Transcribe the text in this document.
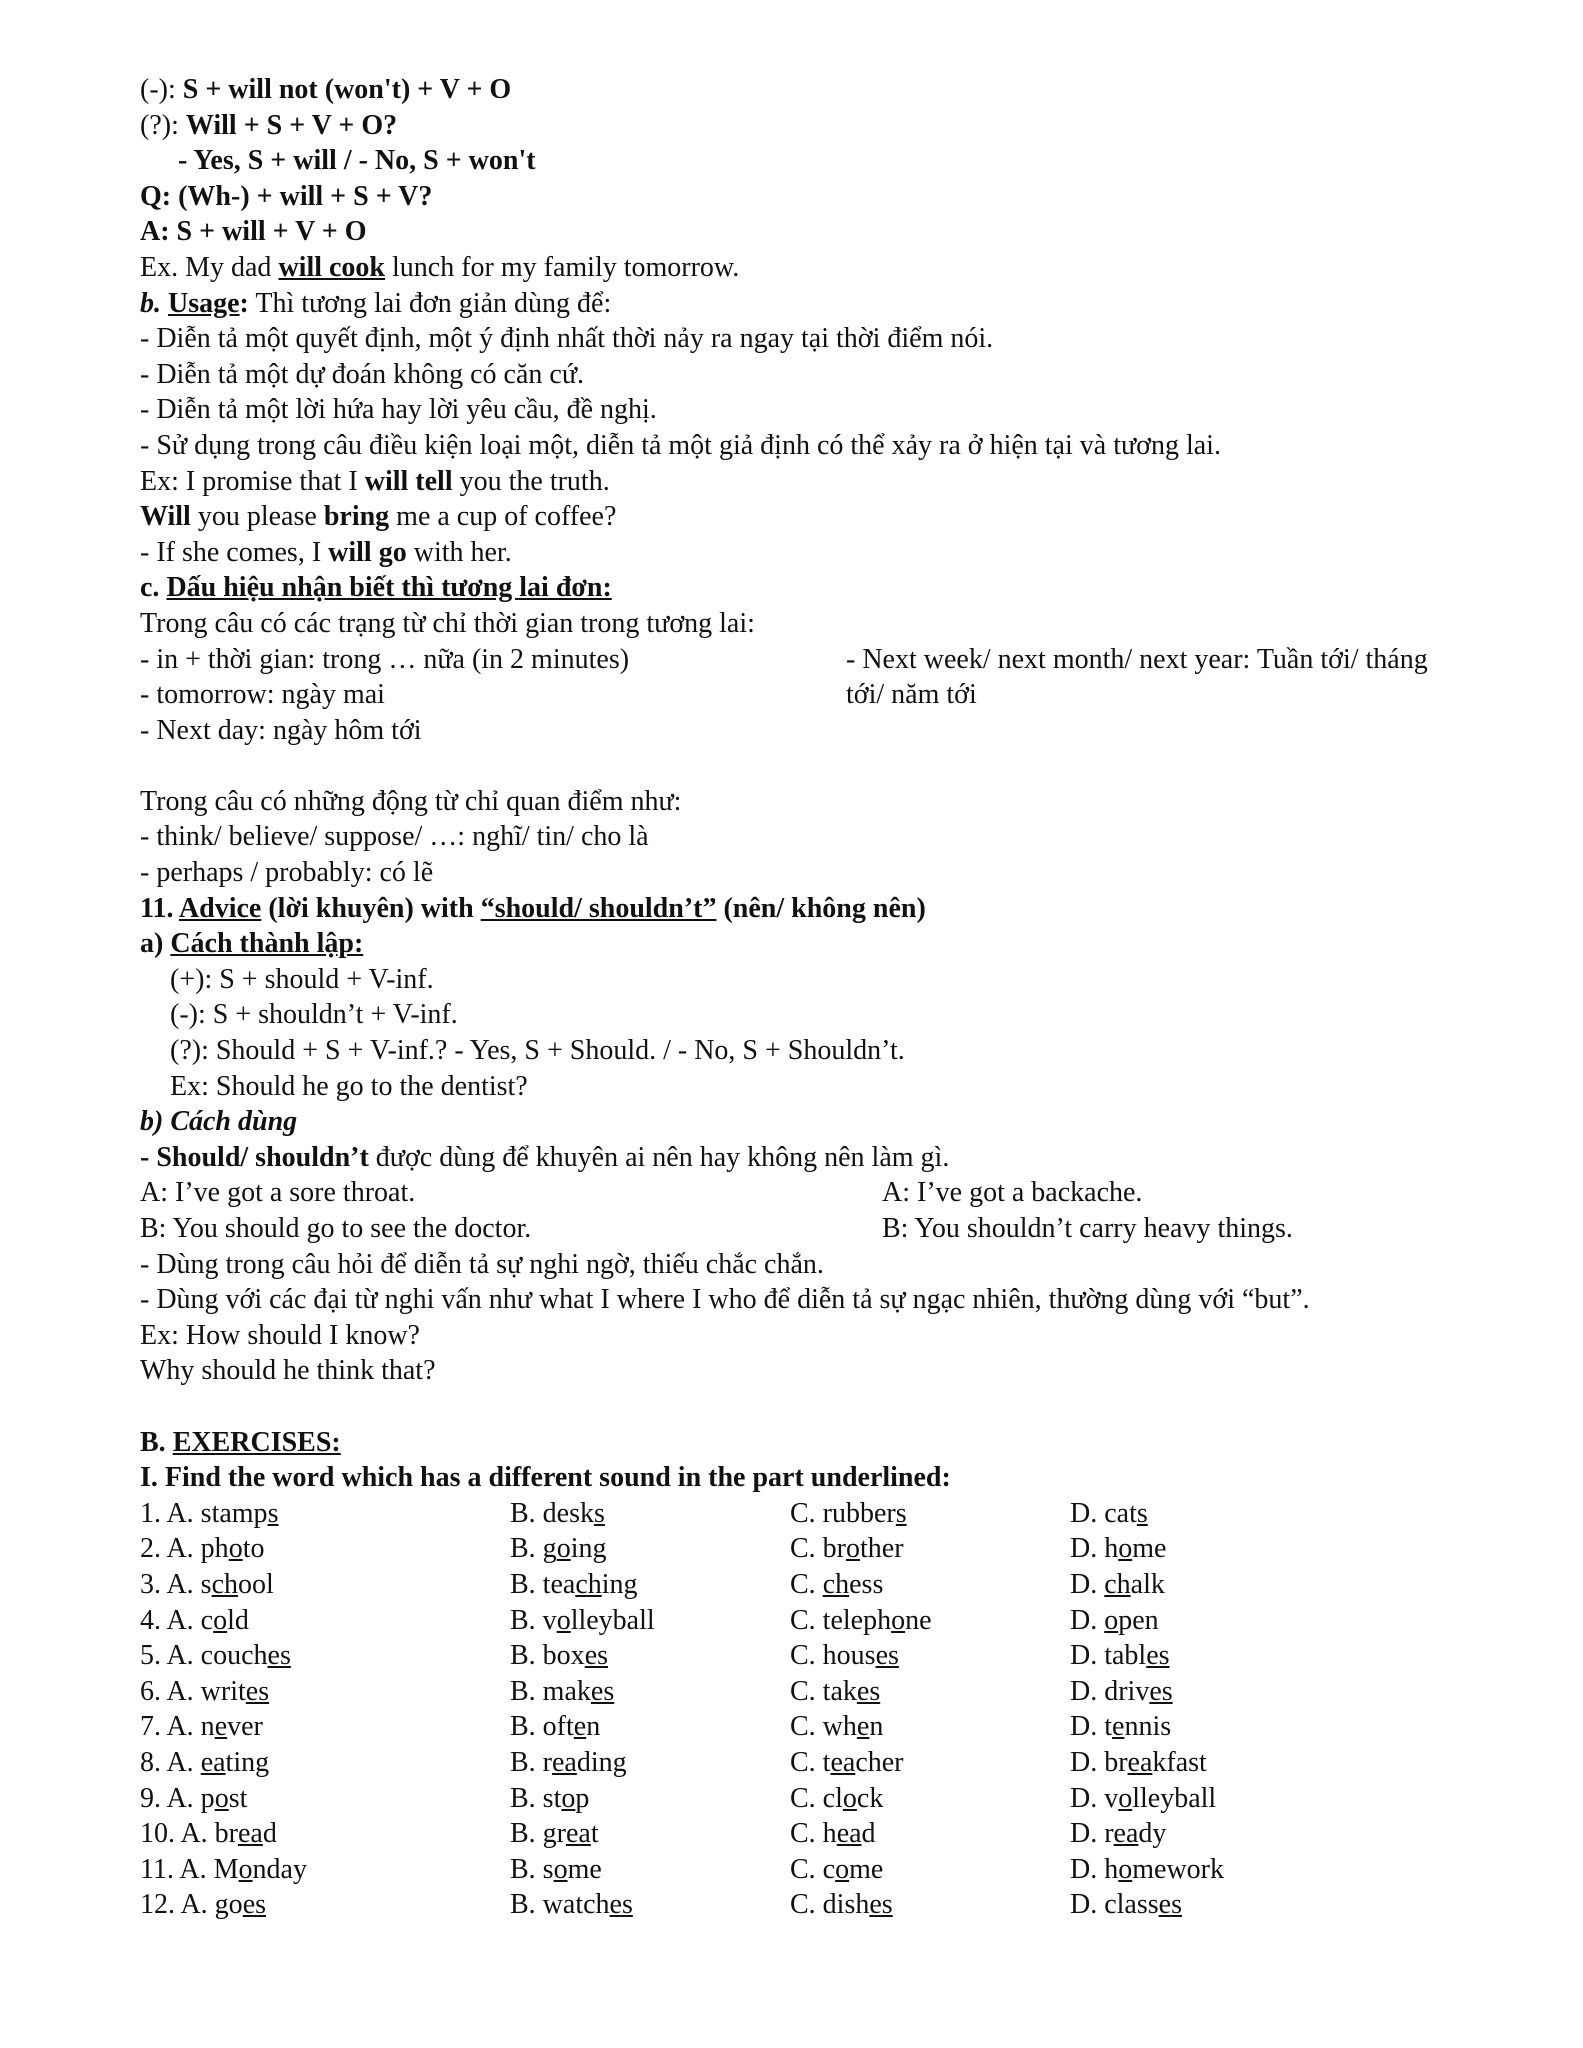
(-): S + will not (won't) + V + O
(?): Will + S + V + O?
- Yes, S + will / - No, S + won't
Q: (Wh-) + will + S + V?
A: S + will + V + O
Ex. My dad will cook lunch for my family tomorrow.
b. Usage: Thì tương lai đơn giản dùng để:
- Diễn tả một quyết định, một ý định nhất thời nảy ra ngay tại thời điểm nói.
- Diễn tả một dự đoán không có căn cứ.
- Diễn tả một lời hứa hay lời yêu cầu, đề nghị.
- Sử dụng trong câu điều kiện loại một, diễn tả một giả định có thể xảy ra ở hiện tại và tương lai.
Ex: I promise that I will tell you the truth.
Will you please bring me a cup of coffee?
- If she comes, I will go with her.
c. Dấu hiệu nhận biết thì tương lai đơn:
Trong câu có các trạng từ chỉ thời gian trong tương lai:
- in + thời gian: trong … nữa (in 2 minutes)	- Next week/ next month/ next year: Tuần tới/ tháng
- tomorrow: ngày mai	tới/ năm tới
- Next day: ngày hôm tới
Trong câu có những động từ chỉ quan điểm như:
- think/ believe/ suppose/ …: nghĩ/ tin/ cho là
- perhaps / probably: có lẽ
11. Advice (lời khuyên) with “should/ shouldn’t” (nên/ không nên)
a) Cách thành lập:
(+): S + should + V-inf.
(-): S + shouldn’t + V-inf.
(?): Should + S + V-inf.? - Yes, S + Should. / - No, S + Shouldn’t.
Ex: Should he go to the dentist?
b) Cách dùng
- Should/ shouldn’t được dùng để khuyên ai nên hay không nên làm gì.
A: I’ve got a sore throat.	A: I’ve got a backache.
B: You should go to see the doctor.	B: You shouldn’t carry heavy things.
- Dùng trong câu hỏi để diễn tả sự nghi ngờ, thiếu chắc chắn.
- Dùng với các đại từ nghi vấn như what I where I who để diễn tả sự ngạc nhiên, thường dùng với “but”.
Ex: How should I know?
Why should he think that?
B. EXERCISES:
I. Find the word which has a different sound in the part underlined:
1. A. stamps	B. desks	C. rubbers	D. cats
2. A. photo	B. going	C. brother	D. home
3. A. school	B. teaching	C. chess	D. chalk
4. A. cold	B. volleyball	C. telephone	D. open
5. A. couches	B. boxes	C. houses	D. tables
6. A. writes	B. makes	C. takes	D. drives
7. A. never	B. often	C. when	D. tennis
8. A. eating	B. reading	C. teacher	D. breakfast
9. A. post	B. stop	C. clock	D. volleyball
10. A. bread	B. great	C. head	D. ready
11. A. Monday	B. some	C. come	D. homework
12. A. goes	B. watches	C. dishes	D. classes
